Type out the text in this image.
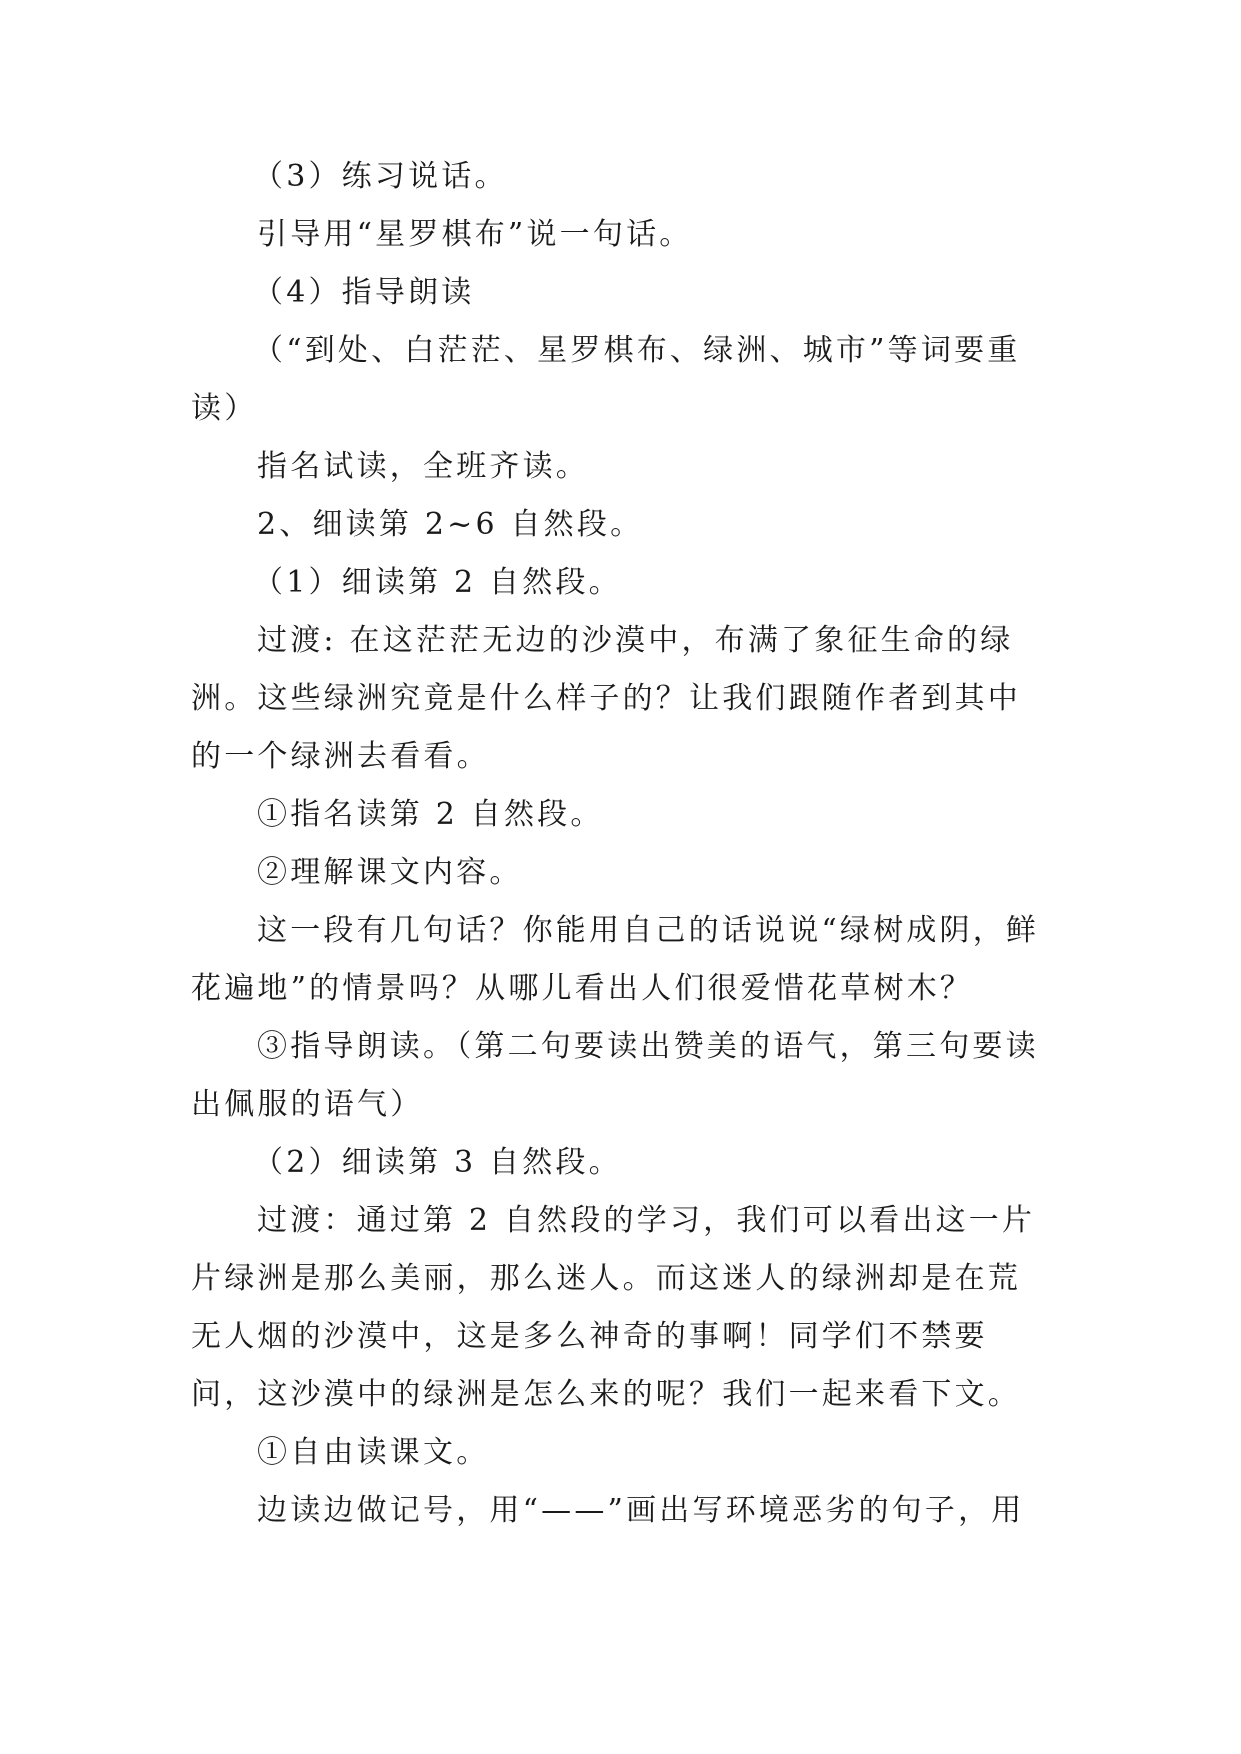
（3）练习说话。

引导用“星罗棋布”说一句话。

（4）指导朗读

（“到处、白茫茫、星罗棋布、绿洲、城市”等词要重读）

指名试读，全班齐读。

2、细读第 2~6 自然段。

（1）细读第 2 自然段。

过渡: 在这茫茫无边的沙漠中，布满了象征生命的绿洲。这些绿洲究竟是什么样子的？让我们跟随作者到其中的一个绿洲去看看。

①指名读第 2 自然段。

②理解课文内容。

这一段有几句话？你能用自己的话说说“绿树成阴，鲜花遍地”的情景吗？从哪儿看出人们很爱惜花草树木？

③指导朗读。（第二句要读出赞美的语气，第三句要读出佩服的语气）

（2）细读第 3 自然段。

过渡：通过第 2 自然段的学习，我们可以看出这一片片绿洲是那么美丽，那么迷人。而这迷人的绿洲却是在荒无人烟的沙漠中，这是多么神奇的事啊！同学们不禁要问，这沙漠中的绿洲是怎么来的呢？我们一起来看下文。

①自由读课文。

边读边做记号，用“——”画出写环境恶劣的句子，用
